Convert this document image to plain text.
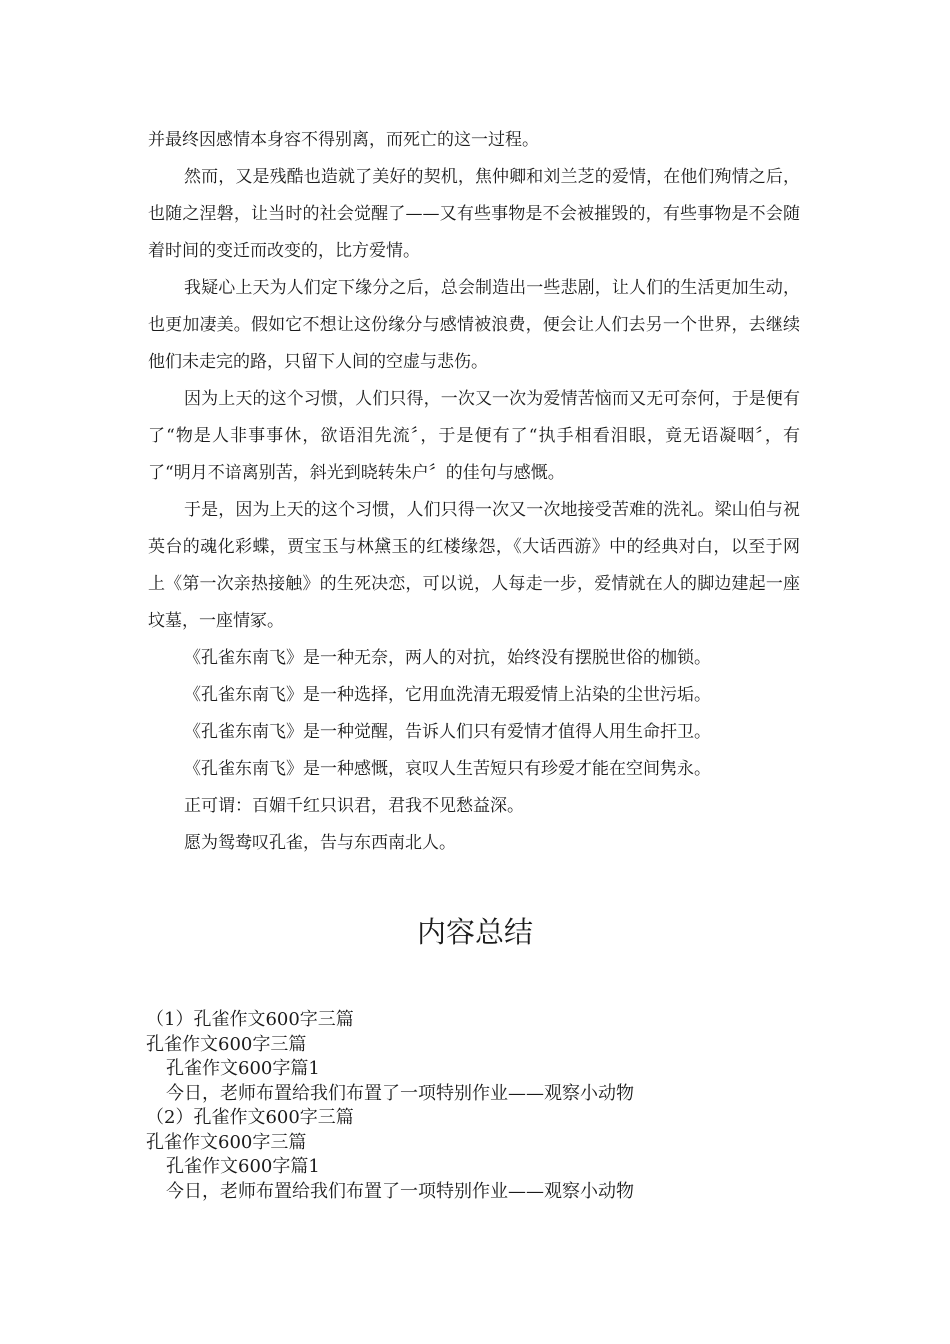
并最终因感情本身容不得别离，而死亡的这一过程。

然而，又是残酷也造就了美好的契机，焦仲卿和刘兰芝的爱情，在他们殉情之后，也随之涅磐，让当时的社会觉醒了——又有些事物是不会被摧毁的，有些事物是不会随着时间的变迁而改变的，比方爱情。

我疑心上天为人们定下缘分之后，总会制造出一些悲剧，让人们的生活更加生动，也更加凄美。假如它不想让这份缘分与感情被浪费，便会让人们去另一个世界，去继续他们未走完的路，只留下人间的空虚与悲伤。

因为上天的这个习惯，人们只得，一次又一次为爱情苦恼而又无可奈何，于是便有了“物是人非事事休，欲语泪先流〞，于是便有了“执手相看泪眼，竟无语凝咽〞，有了“明月不谙离别苦，斜光到晓转朱户〞的佳句与感慨。

于是，因为上天的这个习惯，人们只得一次又一次地接受苦难的洗礼。梁山伯与祝英台的魂化彩蝶，贾宝玉与林黛玉的红楼缘怨，《大话西游》中的经典对白，以至于网上《第一次亲热接触》的生死决恋，可以说，人每走一步，爱情就在人的脚边建起一座坟墓，一座情冢。

《孔雀东南飞》是一种无奈，两人的对抗，始终没有摆脱世俗的枷锁。

《孔雀东南飞》是一种选择，它用血洗清无瑕爱情上沾染的尘世污垢。

《孔雀东南飞》是一种觉醒，告诉人们只有爱情才值得人用生命扞卫。

《孔雀东南飞》是一种感慨，哀叹人生苦短只有珍爱才能在空间隽永。

正可谓：百媚千红只识君，君我不见愁益深。

愿为鸳鸯叹孔雀，告与东西南北人。

内容总结
（1）孔雀作文600字三篇
孔雀作文600字三篇
孔雀作文600字篇1
今日，老师布置给我们布置了一项特别作业——观察小动物
（2）孔雀作文600字三篇
孔雀作文600字三篇
孔雀作文600字篇1
今日，老师布置给我们布置了一项特别作业——观察小动物
